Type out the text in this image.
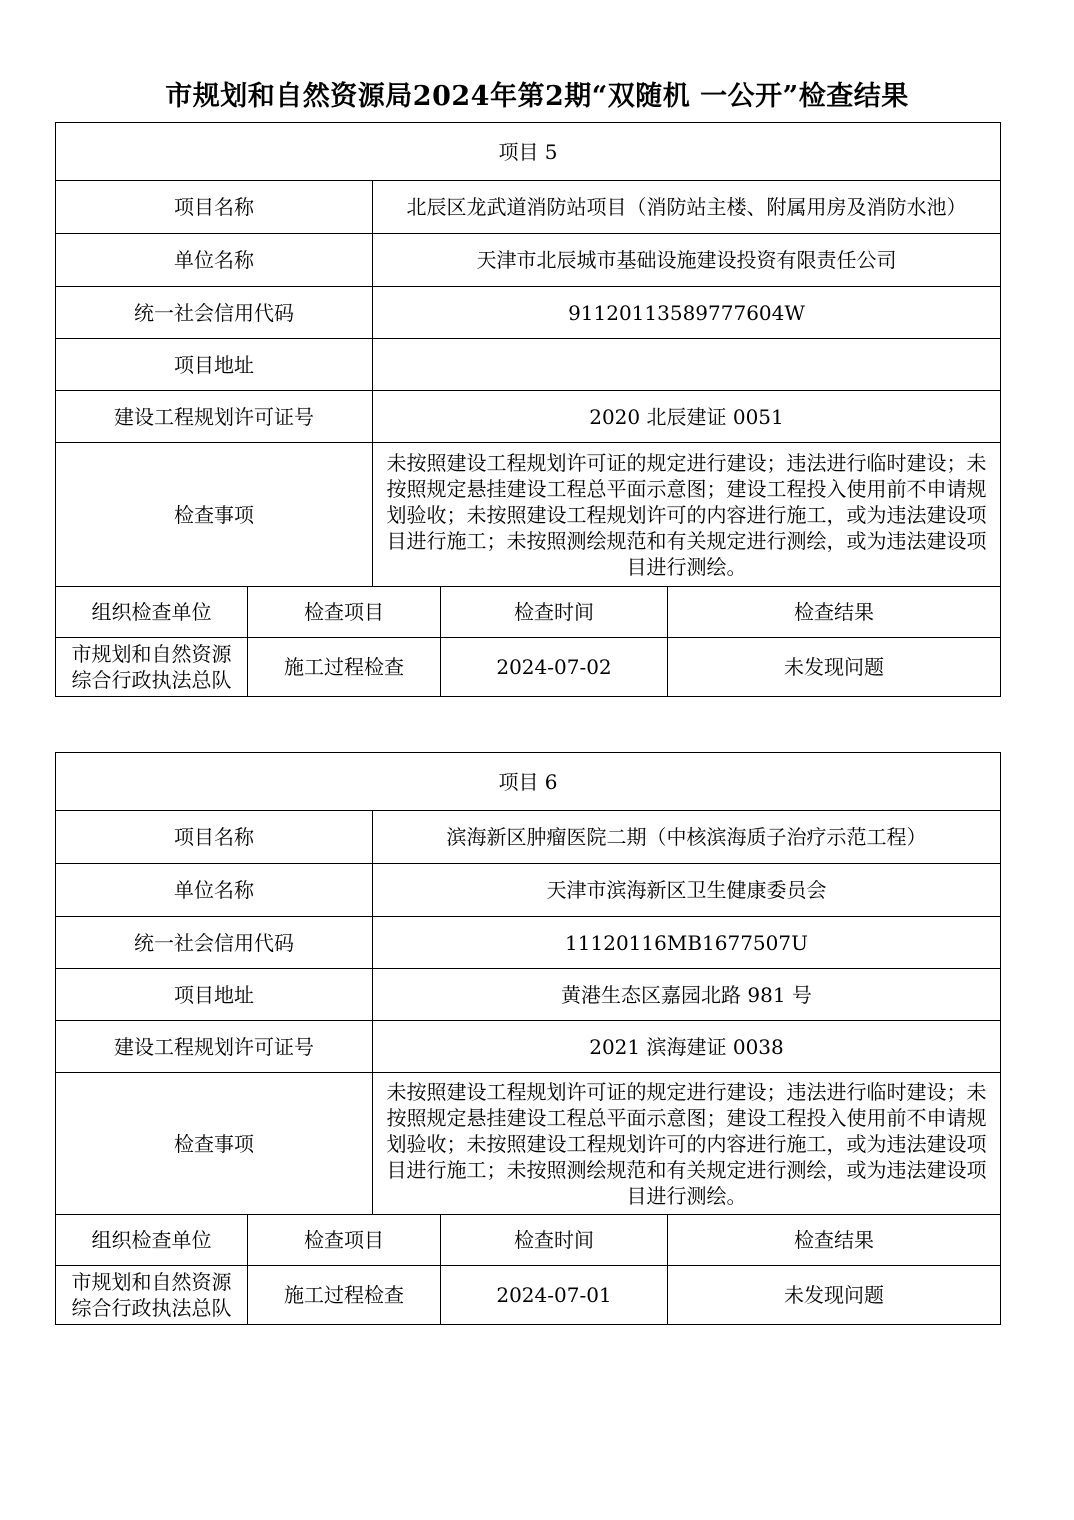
市规划和自然资源局2024年第2期“双随机 一公开”检查结果
项目 5				
项目名称		北辰区龙武道消防站项目（消防站主楼、附属用房及消防水池）		
单位名称		天津市北辰城市基础设施建设投资有限责任公司		
统一社会信用代码		91120113589777604W		
项目地址				
建设工程规划许可证号		2020 北辰建证 0051		
检查事项		未按照建设工程规划许可证的规定进行建设；违法进行临时建设；未按照规定悬挂建设工程总平面示意图；建设工程投入使用前不申请规划验收；未按照建设工程规划许可的内容进行施工，或为违法建设项目进行施工；未按照测绘规范和有关规定进行测绘，或为违法建设项目进行测绘。		
组织检查单位	检查项目		检查时间	检查结果
市规划和自然资源综合行政执法总队	施工过程检查		2024-07-02	未发现问题
项目 6				
项目名称		滨海新区肿瘤医院二期（中核滨海质子治疗示范工程）		
单位名称		天津市滨海新区卫生健康委员会		
统一社会信用代码		11120116MB1677507U		
项目地址		黄港生态区嘉园北路 981 号		
建设工程规划许可证号		2021 滨海建证 0038		
检查事项		未按照建设工程规划许可证的规定进行建设；违法进行临时建设；未按照规定悬挂建设工程总平面示意图；建设工程投入使用前不申请规划验收；未按照建设工程规划许可的内容进行施工，或为违法建设项目进行施工；未按照测绘规范和有关规定进行测绘，或为违法建设项目进行测绘。		
组织检查单位	检查项目		检查时间	检查结果
市规划和自然资源综合行政执法总队	施工过程检查		2024-07-01	未发现问题
